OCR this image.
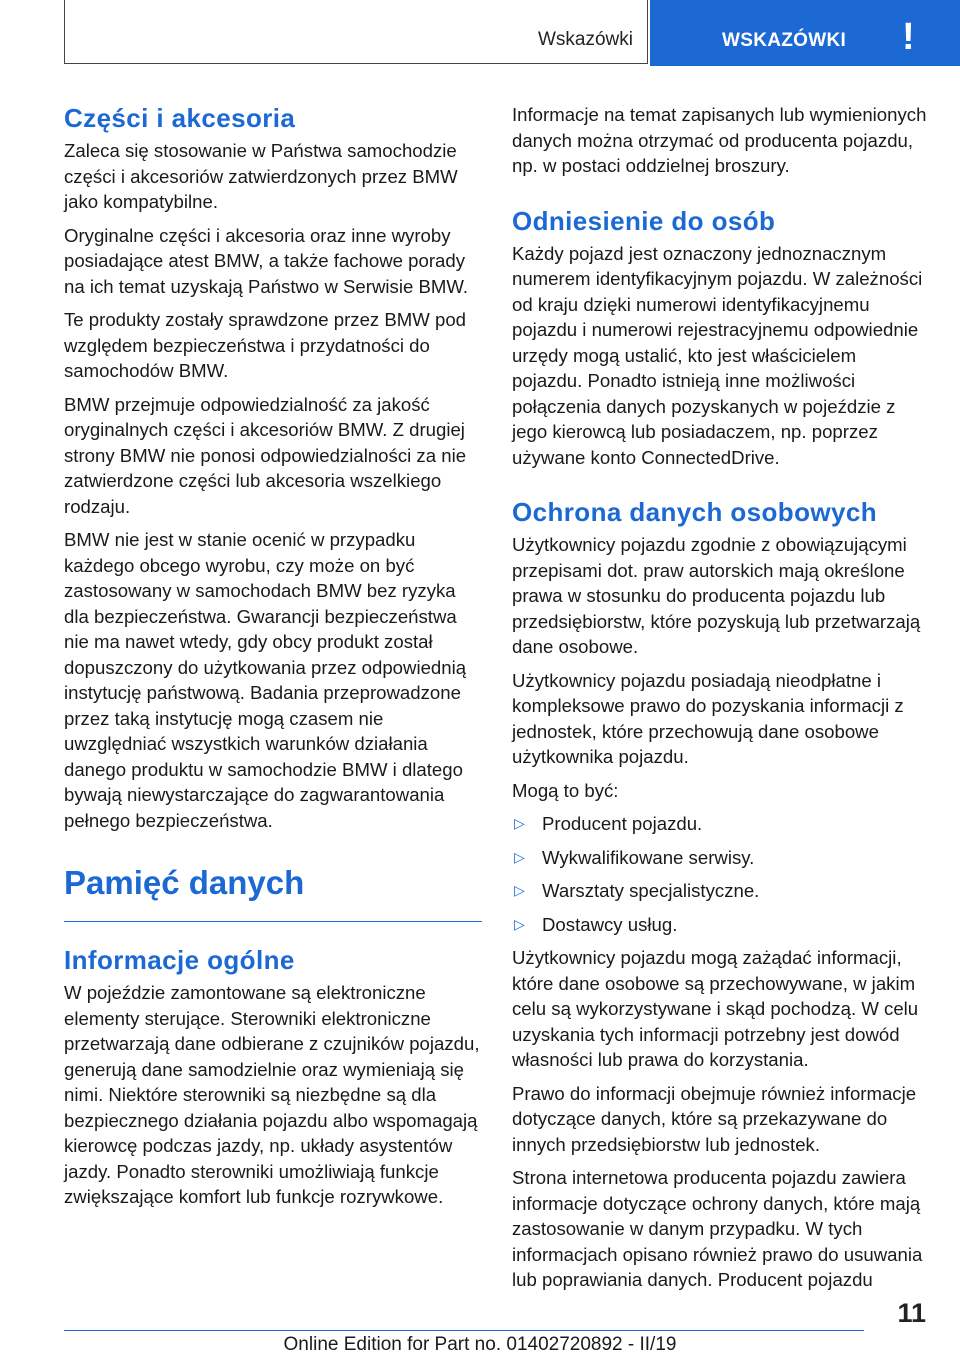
Wskazówki	WSKAZÓWKI !
Części i akcesoria

Zaleca się stosowanie w Państwa samochodzie części i akcesoriów zatwierdzonych przez BMW jako kompatybilne.

Oryginalne części i akcesoria oraz inne wyroby posiadające atest BMW, a także fachowe porady na ich temat uzyskają Państwo w Serwisie BMW.

Te produkty zostały sprawdzone przez BMW pod względem bezpieczeństwa i przydatności do samochodów BMW.

BMW przejmuje odpowiedzialność za jakość oryginalnych części i akcesoriów BMW. Z drugiej strony BMW nie ponosi odpowiedzialności za nie zatwierdzone części lub akcesoria wszelkiego rodzaju.

BMW nie jest w stanie ocenić w przypadku każdego obcego wyrobu, czy może on być zastosowany w samochodach BMW bez ryzyka dla bezpieczeństwa. Gwarancji bezpieczeństwa nie ma nawet wtedy, gdy obcy produkt został dopuszczony do użytkowania przez odpowiednią instytucję państwową. Badania przeprowadzone przez taką instytucję mogą czasem nie uwzględniać wszystkich warunków działania danego produktu w samochodzie BMW i dlatego bywają niewystarczające do zagwarantowania pełnego bezpieczeństwa.

Pamięć danych
Informacje ogólne

W pojeździe zamontowane są elektroniczne elementy sterujące. Sterowniki elektroniczne przetwarzają dane odbierane z czujników pojazdu, generują dane samodzielnie oraz wymieniają się nimi. Niektóre sterowniki są niezbędne są dla bezpiecznego działania pojazdu albo wspomagają kierowcę podczas jazdy, np. układy asystentów jazdy. Ponadto sterowniki umożliwiają funkcje zwiększające komfort lub funkcje rozrywkowe.

Informacje na temat zapisanych lub wymienionych danych można otrzymać od producenta pojazdu, np. w postaci oddzielnej broszury.

Odniesienie do osób

Każdy pojazd jest oznaczony jednoznacznym numerem identyfikacyjnym pojazdu. W zależności od kraju dzięki numerowi identyfikacyjnemu pojazdu i numerowi rejestracyjnemu odpowiednie urzędy mogą ustalić, kto jest właścicielem pojazdu. Ponadto istnieją inne możliwości połączenia danych pozyskanych w pojeździe z jego kierowcą lub posiadaczem, np. poprzez używane konto ConnectedDrive.

Ochrona danych osobowych

Użytkownicy pojazdu zgodnie z obowiązującymi przepisami dot. praw autorskich mają określone prawa w stosunku do producenta pojazdu lub przedsiębiorstw, które pozyskują lub przetwarzają dane osobowe.

Użytkownicy pojazdu posiadają nieodpłatne i kompleksowe prawo do pozyskania informacji z jednostek, które przechowują dane osobowe użytkownika pojazdu.

Mogą to być:

▷ Producent pojazdu.
▷ Wykwalifikowane serwisy.
▷ Warsztaty specjalistyczne.
▷ Dostawcy usług.

Użytkownicy pojazdu mogą zażądać informacji, które dane osobowe są przechowywane, w jakim celu są wykorzystywane i skąd pochodzą. W celu uzyskania tych informacji potrzebny jest dowód własności lub prawa do korzystania.

Prawo do informacji obejmuje również informacje dotyczące danych, które są przekazywane do innych przedsiębiorstw lub jednostek.

Strona internetowa producenta pojazdu zawiera informacje dotyczące ochrony danych, które mają zastosowanie w danym przypadku. W tych informacjach opisano również prawo do usuwania lub poprawiania danych. Producent pojazdu

11
Online Edition for Part no. 01402720892 - II/19
